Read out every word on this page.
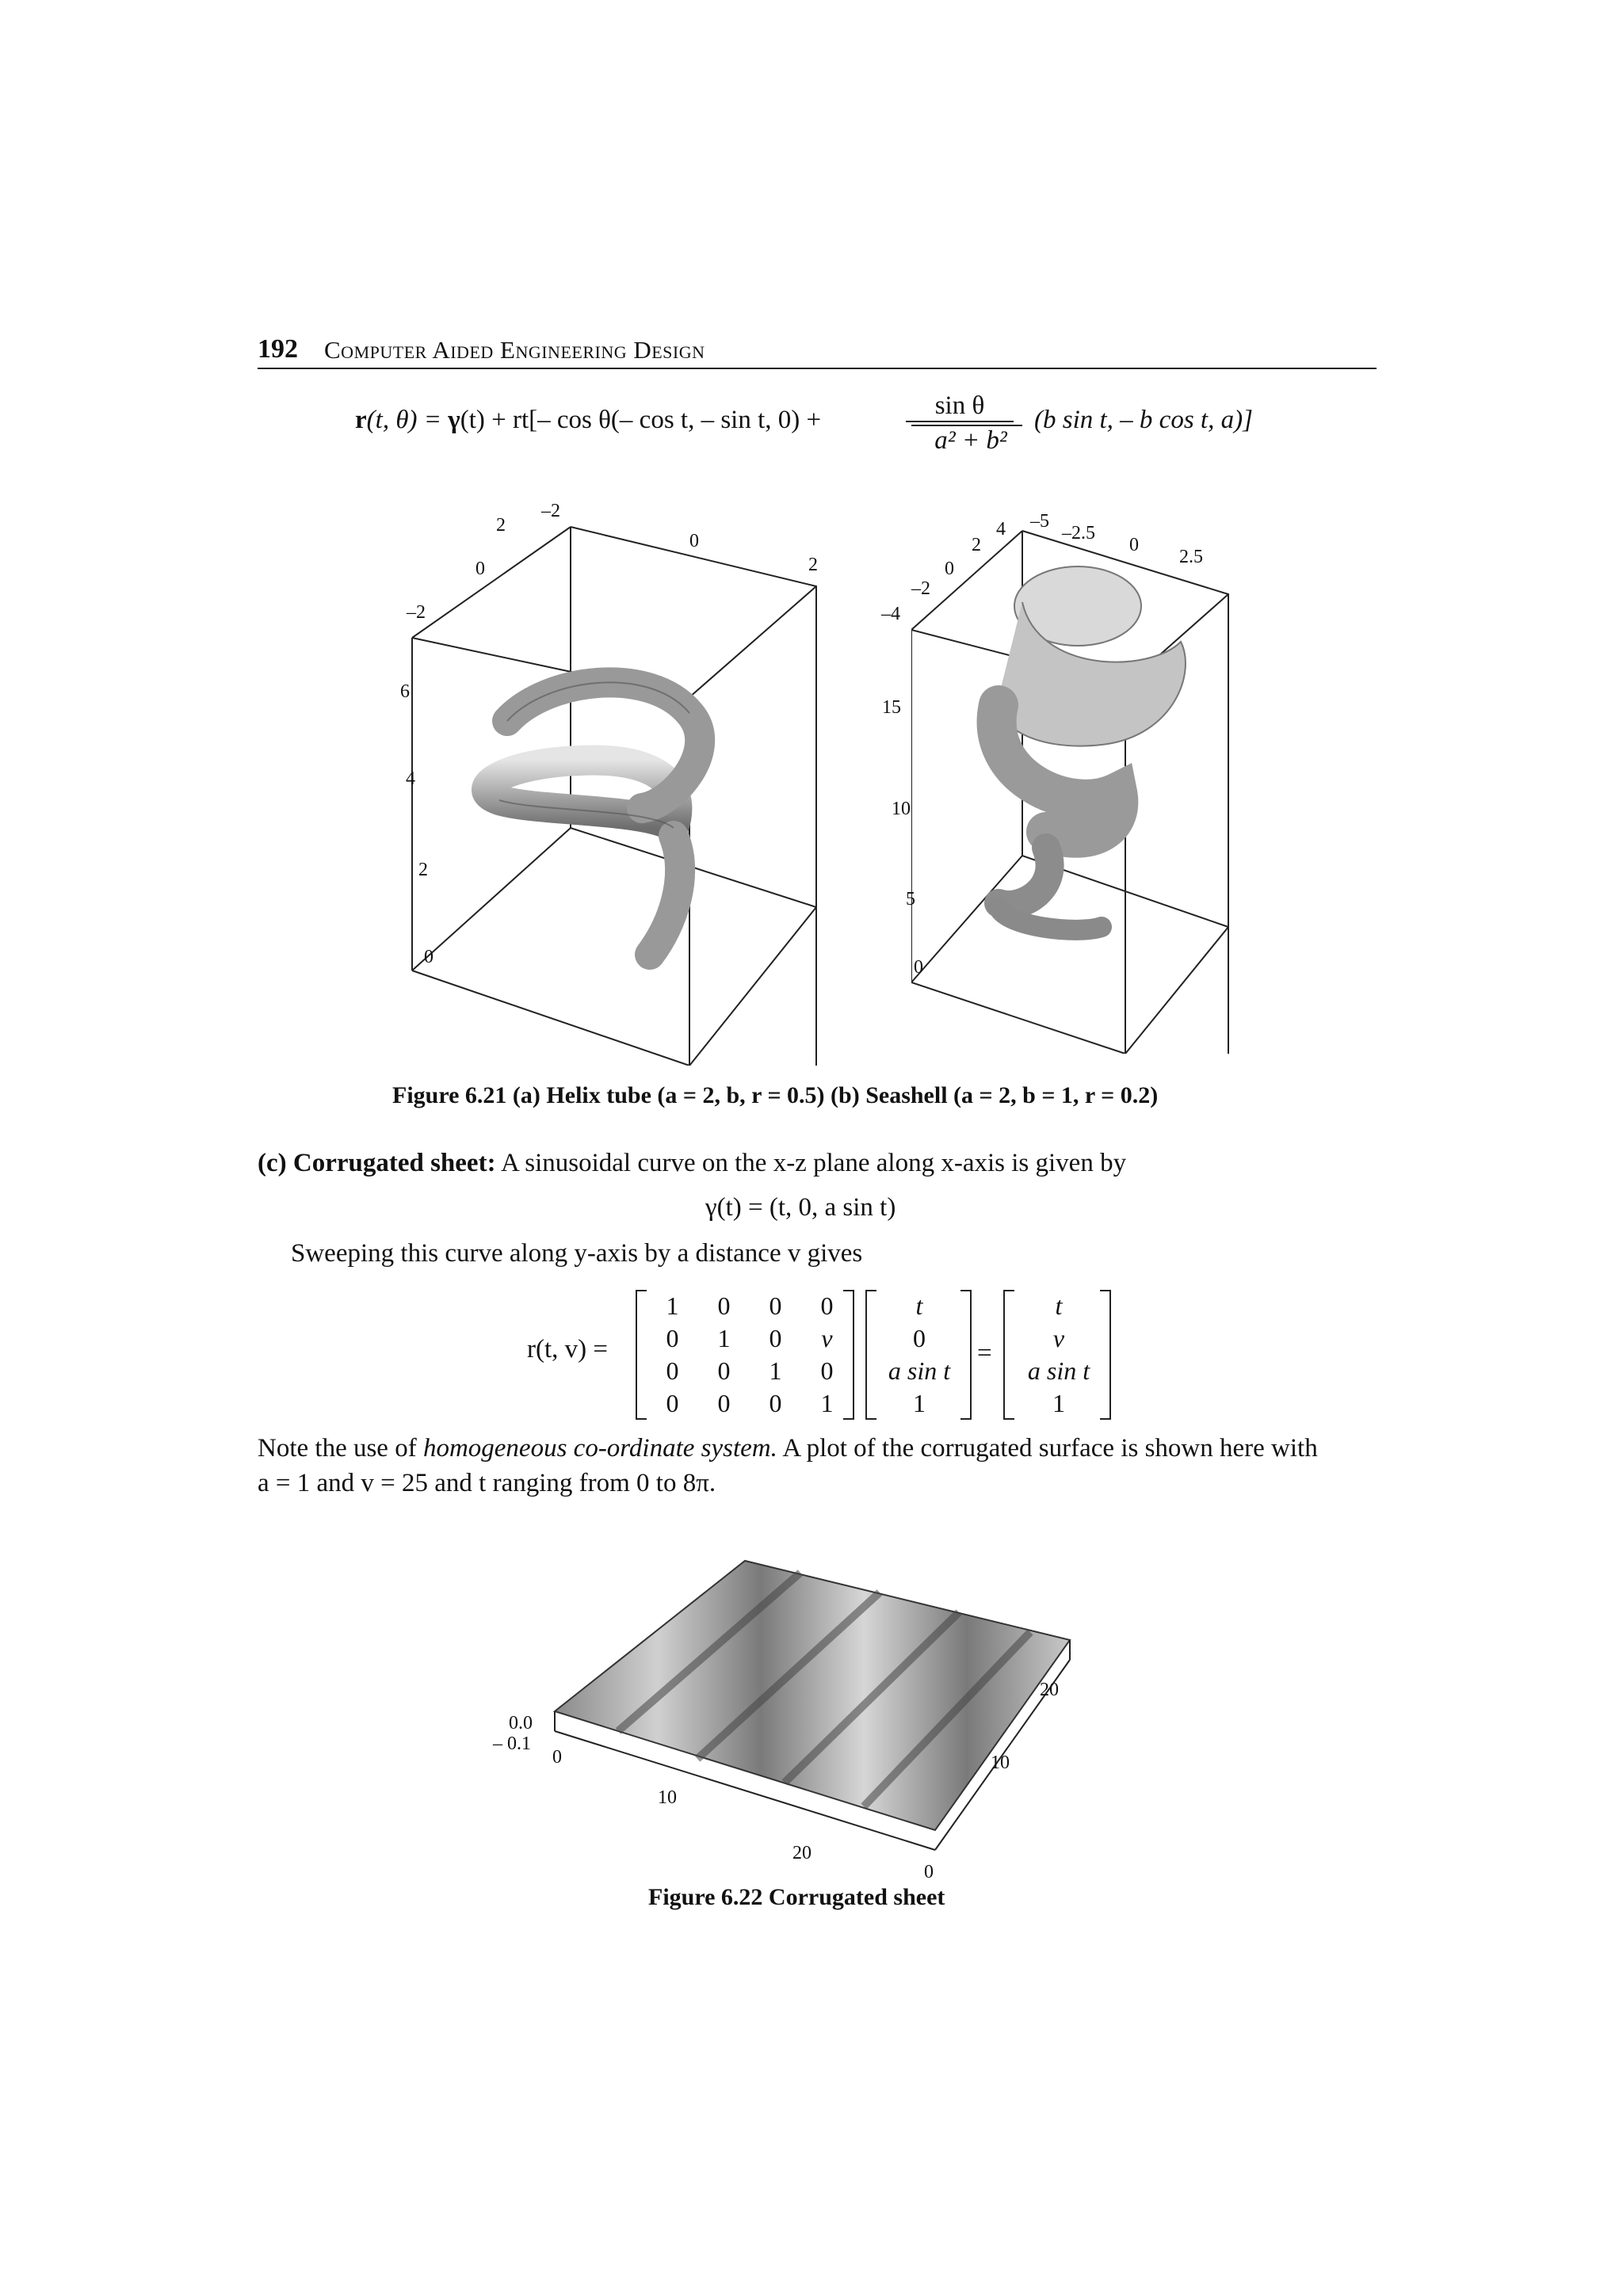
192 Computer Aided Engineering Design
r(t, θ) = γ(t) + rt[– cos θ(– cos t, – sin t, 0) +	sin θ
a² + b²
(b sin t, – b cos t, a)]
–2
2
0
–2
0
2
6
4
2
0
4 –5
–2.5
0
2.5
2
0
–2
–4
15
10
5
0
Figure 6.21 (a) Helix tube (a = 2, b, r = 0.5) (b) Seashell (a = 2, b = 1, r = 0.2)
(c) Corrugated sheet: A sinusoidal curve on the x-z plane along x-axis is given by
γ(t) = (t, 0, a sin t)
Sweeping this curve along y-axis by a distance v gives
r(t, v) =
1	0	0	0
0	1	0	v
0	0	1	0
0	0	0	1
t
0
a sin t
1
=
t
v
a sin t
1
Note the use of homogeneous co-ordinate system. A plot of the corrugated surface is shown here with
a = 1 and v = 25 and t ranging from 0 to 8π.
0.0
– 0.1
0
10
20
20
10
0
Figure 6.22 Corrugated sheet
